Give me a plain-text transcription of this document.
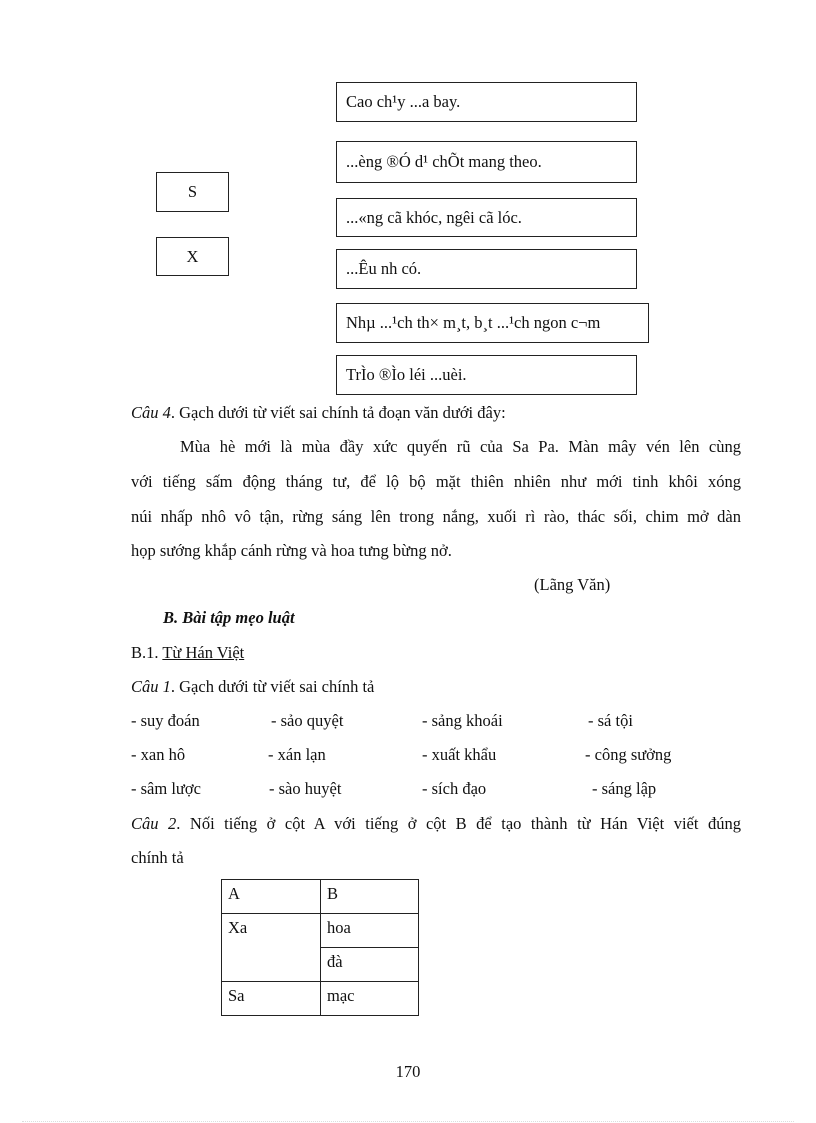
S
X
Cao ch¹y ...a bay.
...èng ®Ó d¹ chÕt mang theo.
...«ng cã khóc, ngêi cã lóc.
...Êu nh có.
Nhµ ...¹ch th× m¸t, b¸t ...¹ch ngon c¬m
TrÌo ®Ìo léi ...uèi.
Câu 4. Gạch dưới từ viết sai chính tả đoạn văn dưới đây:
Mùa hè mới là mùa đầy xức quyến rũ của Sa Pa. Màn mây vén lên cùng
với tiếng sấm động tháng tư, để lộ bộ mặt thiên nhiên như mới tinh khôi xóng
núi nhấp nhô vô tận, rừng sáng lên trong nắng, xuối rì rào, thác sối, chim mở dàn
họp sướng khắp cánh rừng và hoa tưng bừng nở.
(Lãng Văn)
B. Bài tập mẹo luật
B.1. Từ Hán Việt
Câu 1. Gạch dưới từ viết sai chính tả
- suy đoán	- sảo quyệt	- sảng khoái	- sá tội
- xan hô	- xán lạn	- xuất khẩu	- công sưởng
- sâm lược	- sào huyệt	- sích đạo	- sáng lập
Câu 2. Nối tiếng ở cột A với tiếng ở cột B để tạo thành từ Hán Việt viết đúng
chính tả
A	B
Xa	hoa
	đà
Sa	mạc
170
